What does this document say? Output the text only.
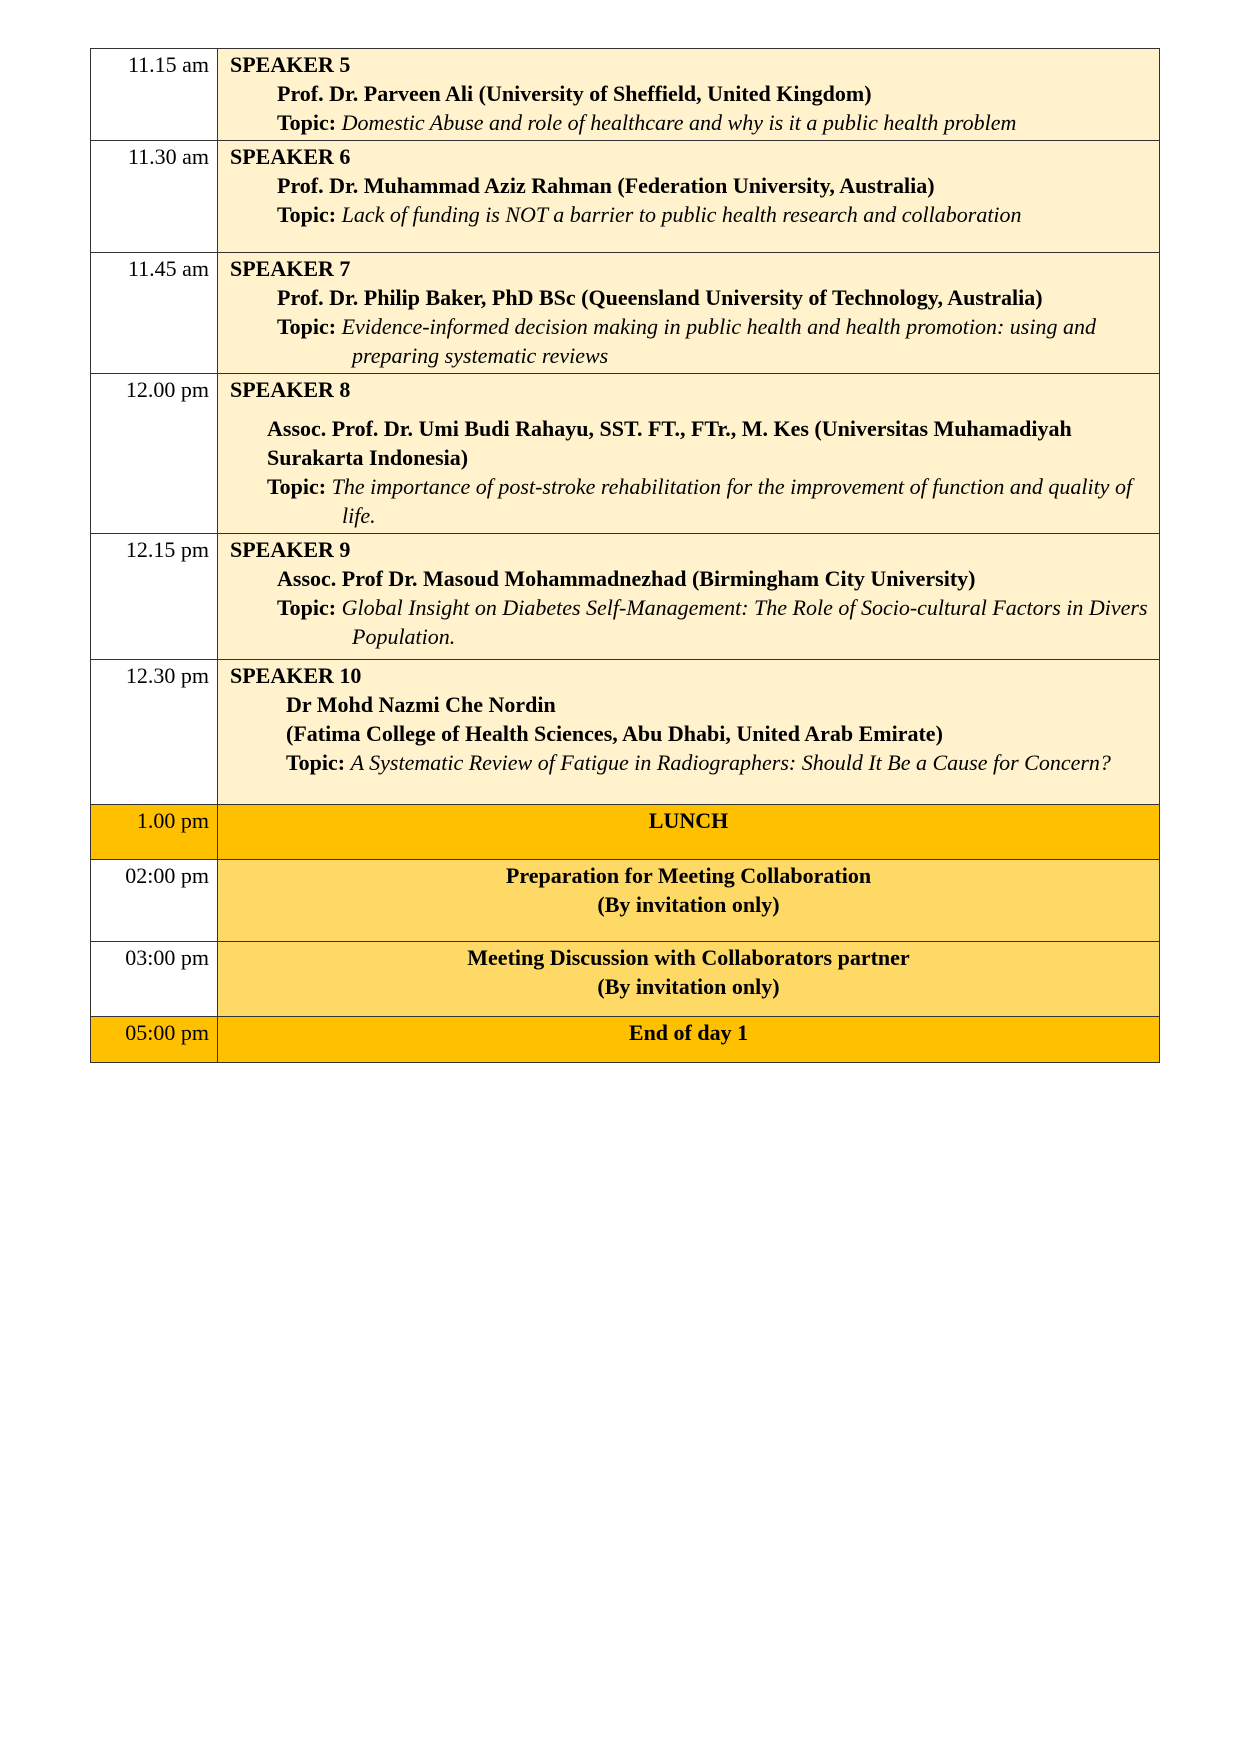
11.15 am	SPEAKER 5
Prof. Dr. Parveen Ali (University of Sheffield, United Kingdom)
Topic: Domestic Abuse and role of healthcare and why is it a public health problem

11.30 am	SPEAKER 6
Prof. Dr. Muhammad Aziz Rahman (Federation University, Australia)
Topic: Lack of funding is NOT a barrier to public health research and collaboration

11.45 am	SPEAKER 7
Prof. Dr. Philip Baker, PhD BSc (Queensland University of Technology, Australia)
Topic: Evidence-informed decision making in public health and health promotion: using and preparing systematic reviews

12.00 pm	SPEAKER 8
Assoc. Prof. Dr. Umi Budi Rahayu, SST. FT., FTr., M. Kes (Universitas Muhamadiyah Surakarta Indonesia)
Topic: The importance of post-stroke rehabilitation for the improvement of function and quality of life.

12.15 pm	SPEAKER 9
Assoc. Prof Dr. Masoud Mohammadnezhad (Birmingham City University)
Topic: Global Insight on Diabetes Self-Management: The Role of Socio-cultural Factors in Divers Population.

12.30 pm	SPEAKER 10
Dr Mohd Nazmi Che Nordin
(Fatima College of Health Sciences, Abu Dhabi, United Arab Emirate)
Topic: A Systematic Review of Fatigue in Radiographers: Should It Be a Cause for Concern?

1.00 pm	LUNCH
02:00 pm	Preparation for Meeting Collaboration
(By invitation only)

03:00 pm	Meeting Discussion with Collaborators partner
(By invitation only)

05:00 pm	End of day 1
